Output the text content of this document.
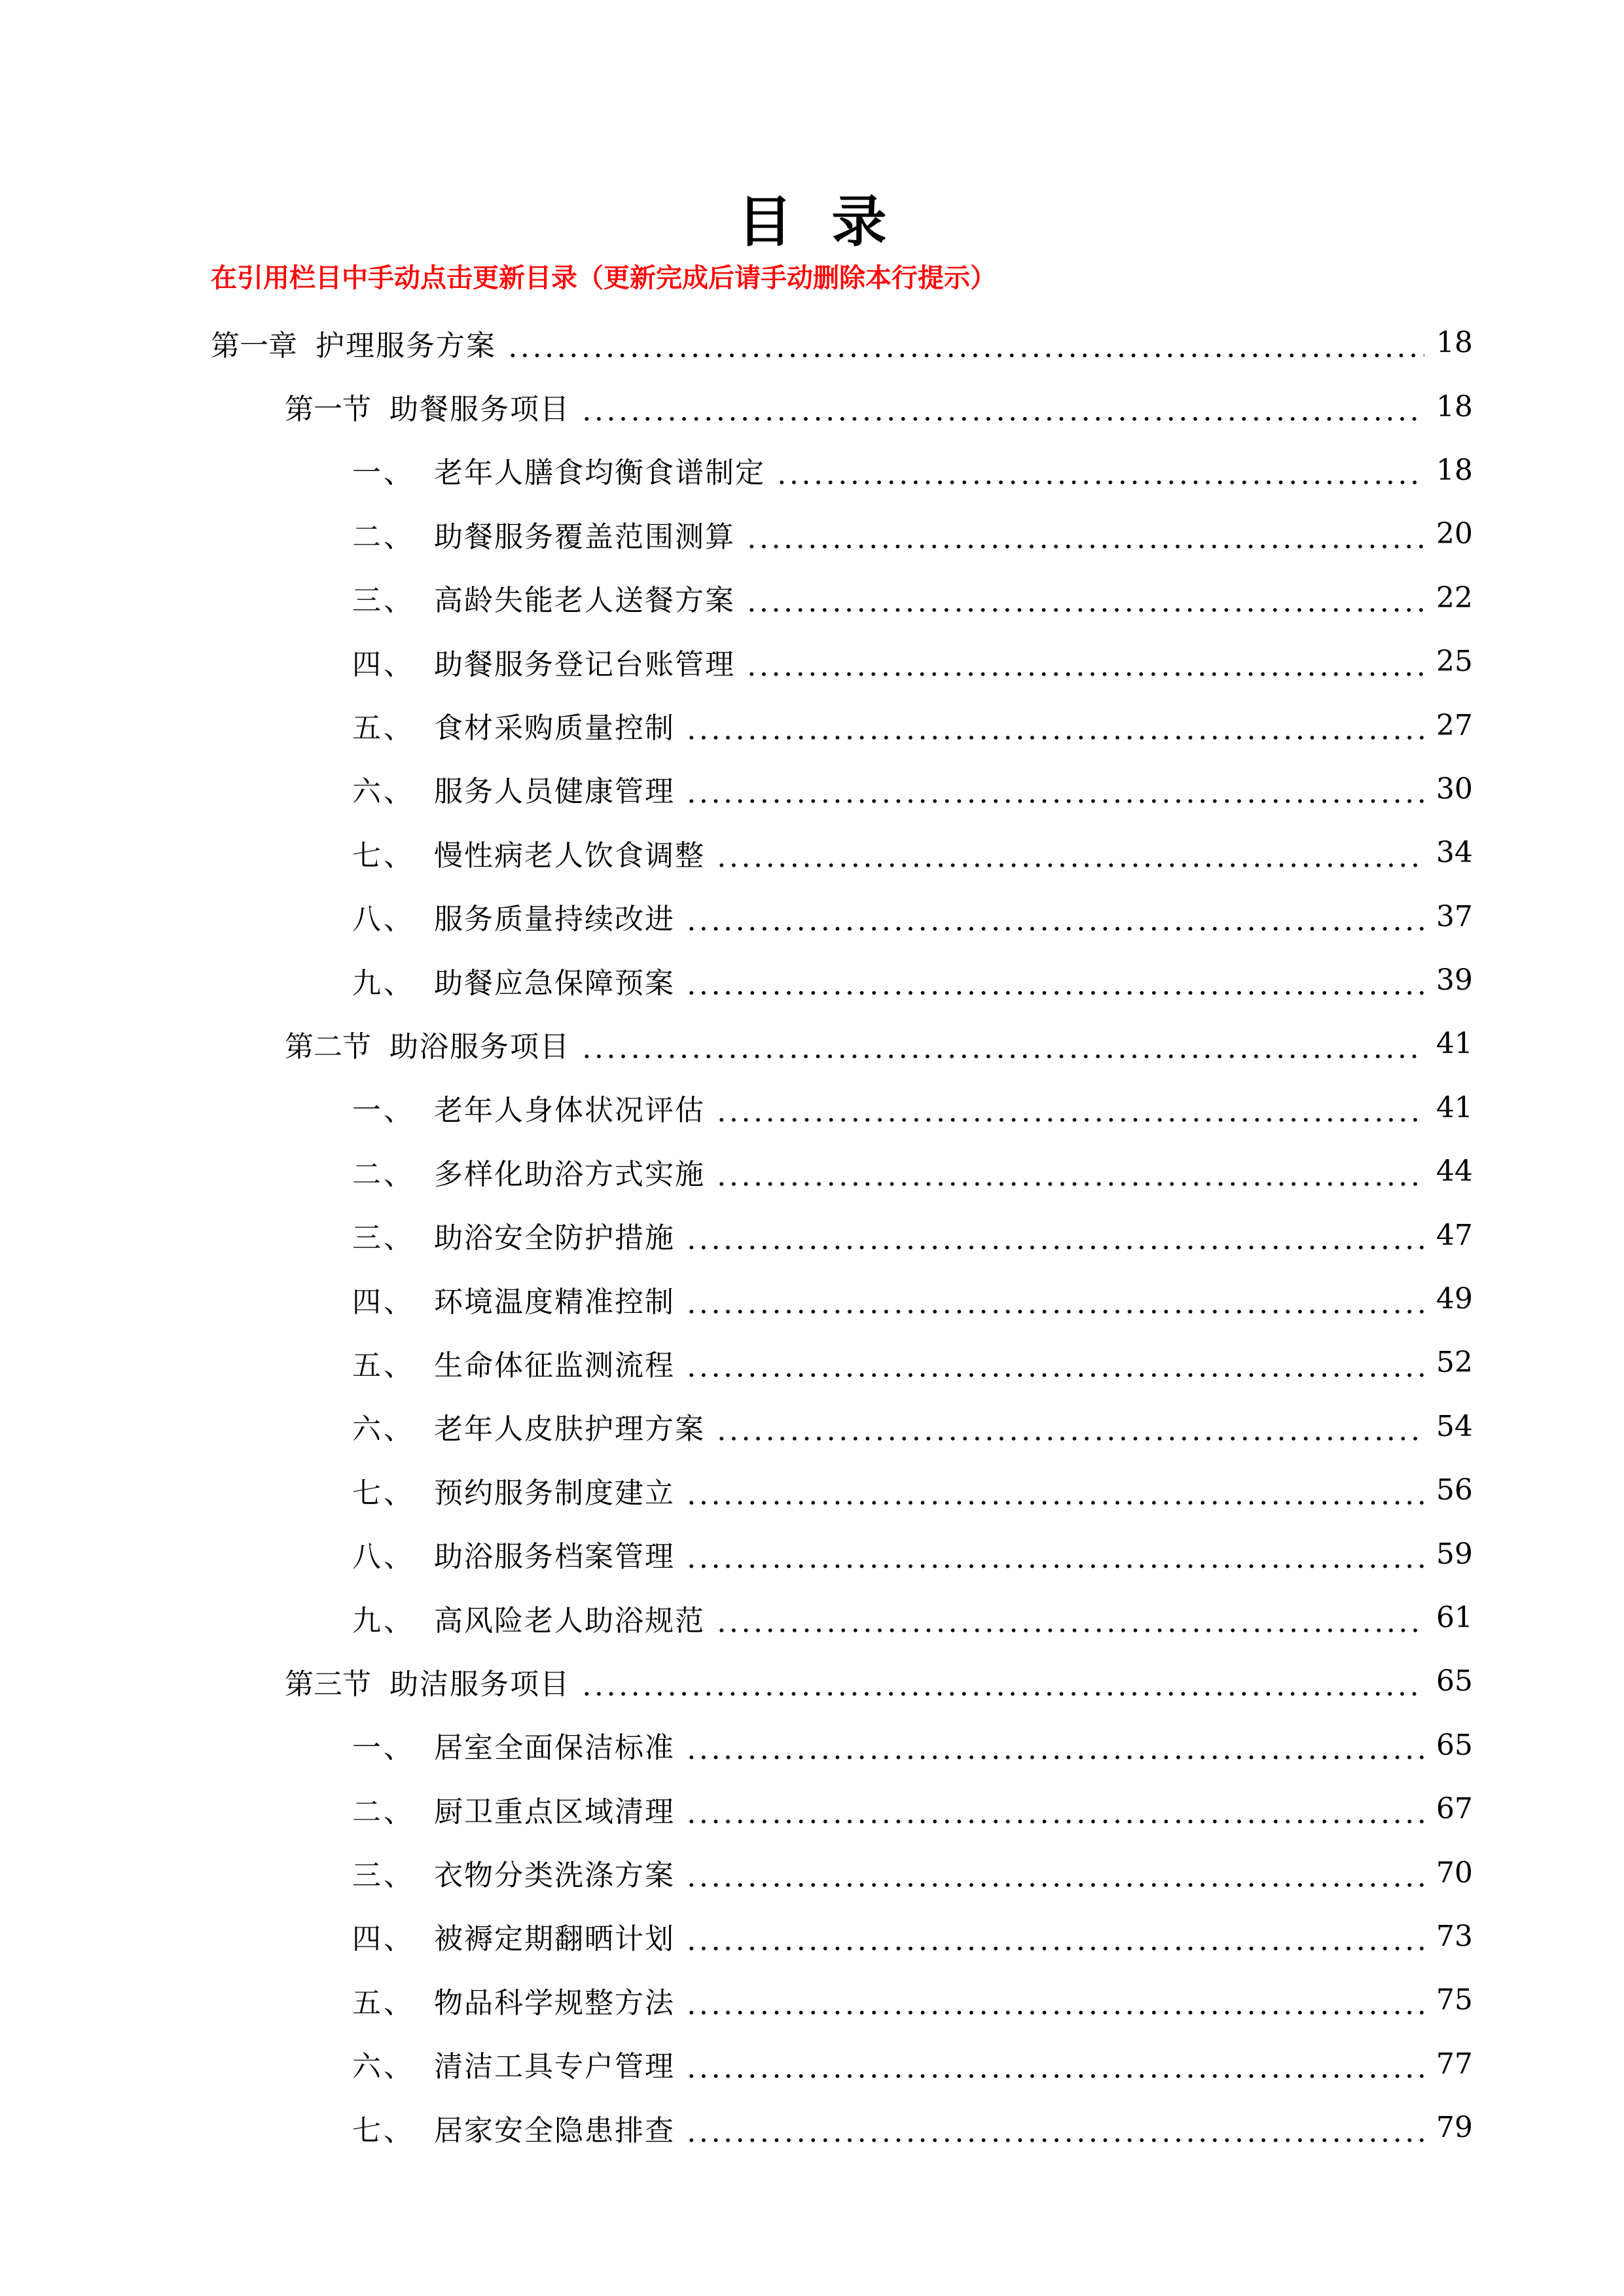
目录
在引用栏目中手动点击更新目录（更新完成后请手动删除本行提示）
第一章 护理服务方案	18
第一节 助餐服务项目	18
一、 老年人膳食均衡食谱制定	18
二、 助餐服务覆盖范围测算	20
三、 高龄失能老人送餐方案	22
四、 助餐服务登记台账管理	25
五、 食材采购质量控制	27
六、 服务人员健康管理	30
七、 慢性病老人饮食调整	34
八、 服务质量持续改进	37
九、 助餐应急保障预案	39
第二节 助浴服务项目	41
一、 老年人身体状况评估	41
二、 多样化助浴方式实施	44
三、 助浴安全防护措施	47
四、 环境温度精准控制	49
五、 生命体征监测流程	52
六、 老年人皮肤护理方案	54
七、 预约服务制度建立	56
八、 助浴服务档案管理	59
九、 高风险老人助浴规范	61
第三节 助洁服务项目	65
一、 居室全面保洁标准	65
二、 厨卫重点区域清理	67
三、 衣物分类洗涤方案	70
四、 被褥定期翻晒计划	73
五、 物品科学规整方法	75
六、 清洁工具专户管理	77
七、 居家安全隐患排查	79
